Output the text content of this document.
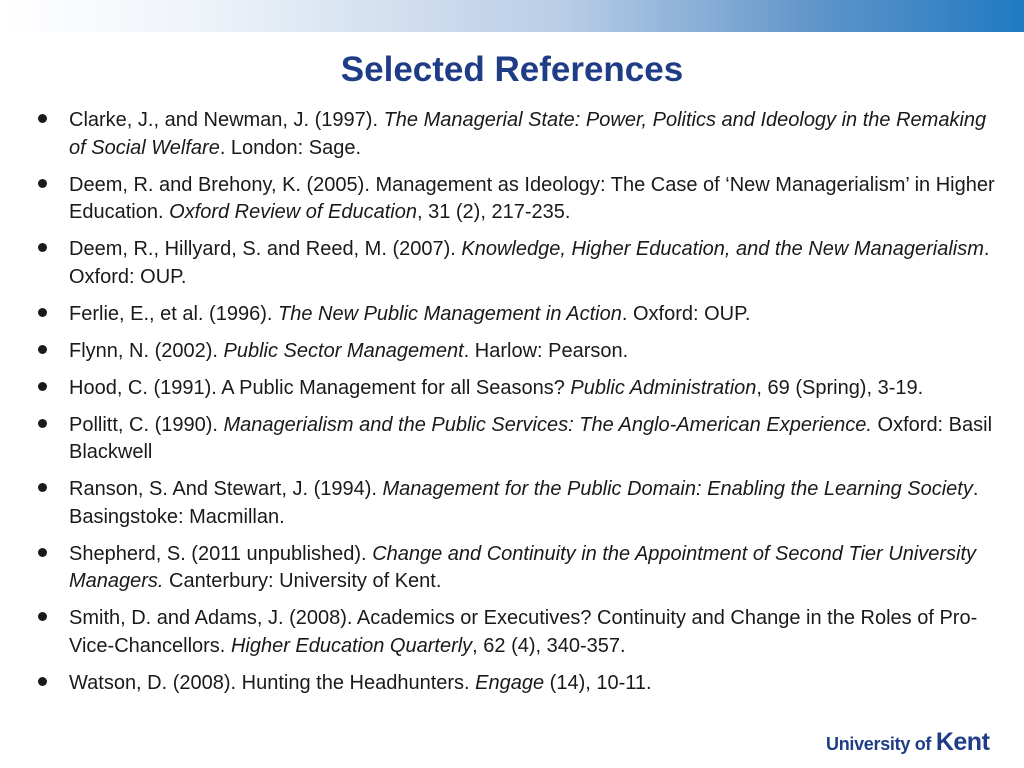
Selected References
Clarke, J., and Newman, J. (1997). The Managerial State: Power, Politics and Ideology in the Remaking of Social Welfare. London: Sage.
Deem, R. and Brehony, K. (2005). Management as Ideology: The Case of ‘New Managerialism’ in Higher Education. Oxford Review of Education, 31 (2), 217-235.
Deem, R., Hillyard, S. and Reed, M. (2007). Knowledge, Higher Education, and the New Managerialism. Oxford: OUP.
Ferlie, E., et al. (1996). The New Public Management in Action. Oxford: OUP.
Flynn, N. (2002). Public Sector Management. Harlow: Pearson.
Hood, C. (1991). A Public Management for all Seasons? Public Administration, 69 (Spring), 3-19.
Pollitt, C. (1990). Managerialism and the Public Services: The Anglo-American Experience. Oxford: Basil Blackwell
Ranson, S. And Stewart, J. (1994). Management for the Public Domain: Enabling the Learning Society. Basingstoke: Macmillan.
Shepherd, S. (2011 unpublished). Change and Continuity in the Appointment of Second Tier University Managers. Canterbury: University of Kent.
Smith, D. and Adams, J. (2008). Academics or Executives? Continuity and Change in the Roles of Pro-Vice-Chancellors. Higher Education Quarterly, 62 (4), 340-357.
Watson, D. (2008). Hunting the Headhunters. Engage (14), 10-11.
University of Kent
